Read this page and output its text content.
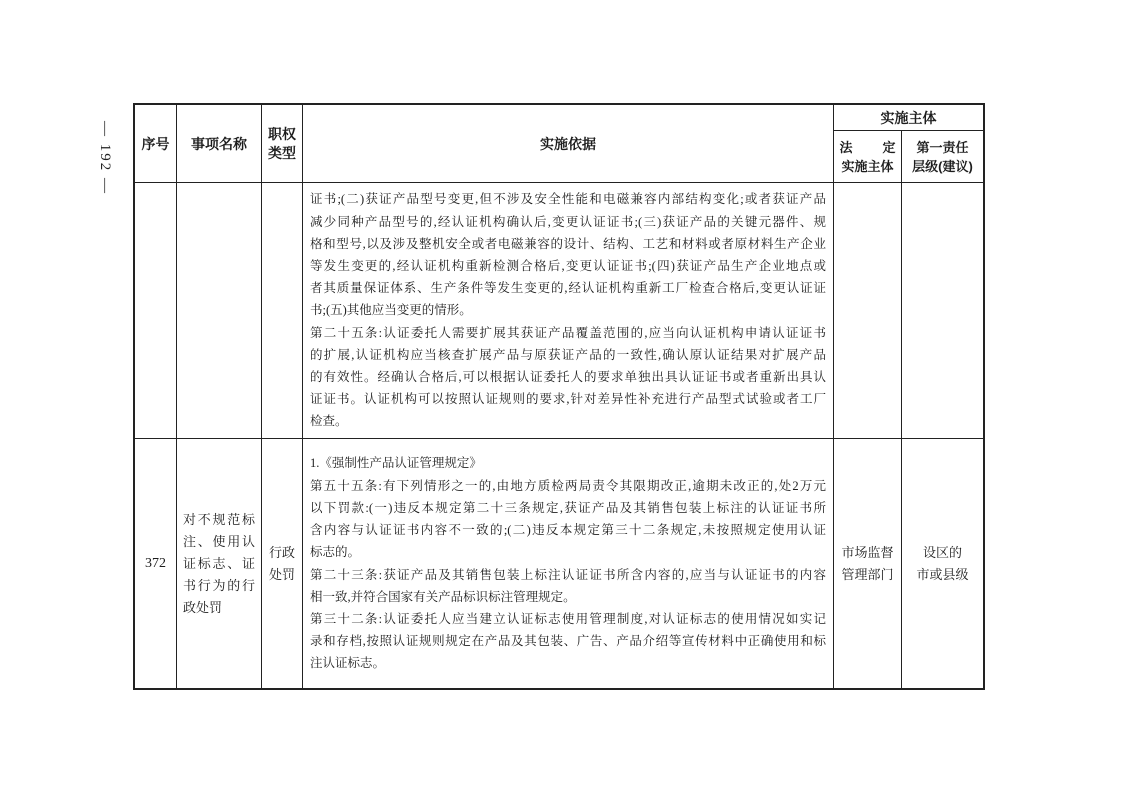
— 192 —	序号	事项名称
职权
类型
实施依据
实施主体
法定
实施主体
第一责任
层级(建议)
证书;(二)获证产品型号变更,但不涉及安全性能和电磁兼容内部结构变化;或者获证产品
减少同种产品型号的,经认证机构确认后,变更认证证书;(三)获证产品的关键元器件、规
格和型号,以及涉及整机安全或者电磁兼容的设计、结构、工艺和材料或者原材料生产企业
等发生变更的,经认证机构重新检测合格后,变更认证证书;(四)获证产品生产企业地点或
者其质量保证体系、生产条件等发生变更的,经认证机构重新工厂检查合格后,变更认证证
书;(五)其他应当变更的情形。
第二十五条:认证委托人需要扩展其获证产品覆盖范围的,应当向认证机构申请认证证书
的扩展,认证机构应当核查扩展产品与原获证产品的一致性,确认原认证结果对扩展产品
的有效性。经确认合格后,可以根据认证委托人的要求单独出具认证证书或者重新出具认
证证书。认证机构可以按照认证规则的要求,针对差异性补充进行产品型式试验或者工厂
检查。
372
对不规范标
注、使用认
证标志、证
书行为的行
政处罚
行政
处罚
1.《强制性产品认证管理规定》
第五十五条:有下列情形之一的,由地方质检两局责令其限期改正,逾期未改正的,处2万元
以下罚款:(一)违反本规定第二十三条规定,获证产品及其销售包装上标注的认证证书所
含内容与认证证书内容不一致的;(二)违反本规定第三十二条规定,未按照规定使用认证
标志的。
第二十三条:获证产品及其销售包装上标注认证证书所含内容的,应当与认证证书的内容
相一致,并符合国家有关产品标识标注管理规定。
第三十二条:认证委托人应当建立认证标志使用管理制度,对认证标志的使用情况如实记
录和存档,按照认证规则规定在产品及其包装、广告、产品介绍等宣传材料中正确使用和标
注认证标志。
市场监督
管理部门
设区的
市或县级
